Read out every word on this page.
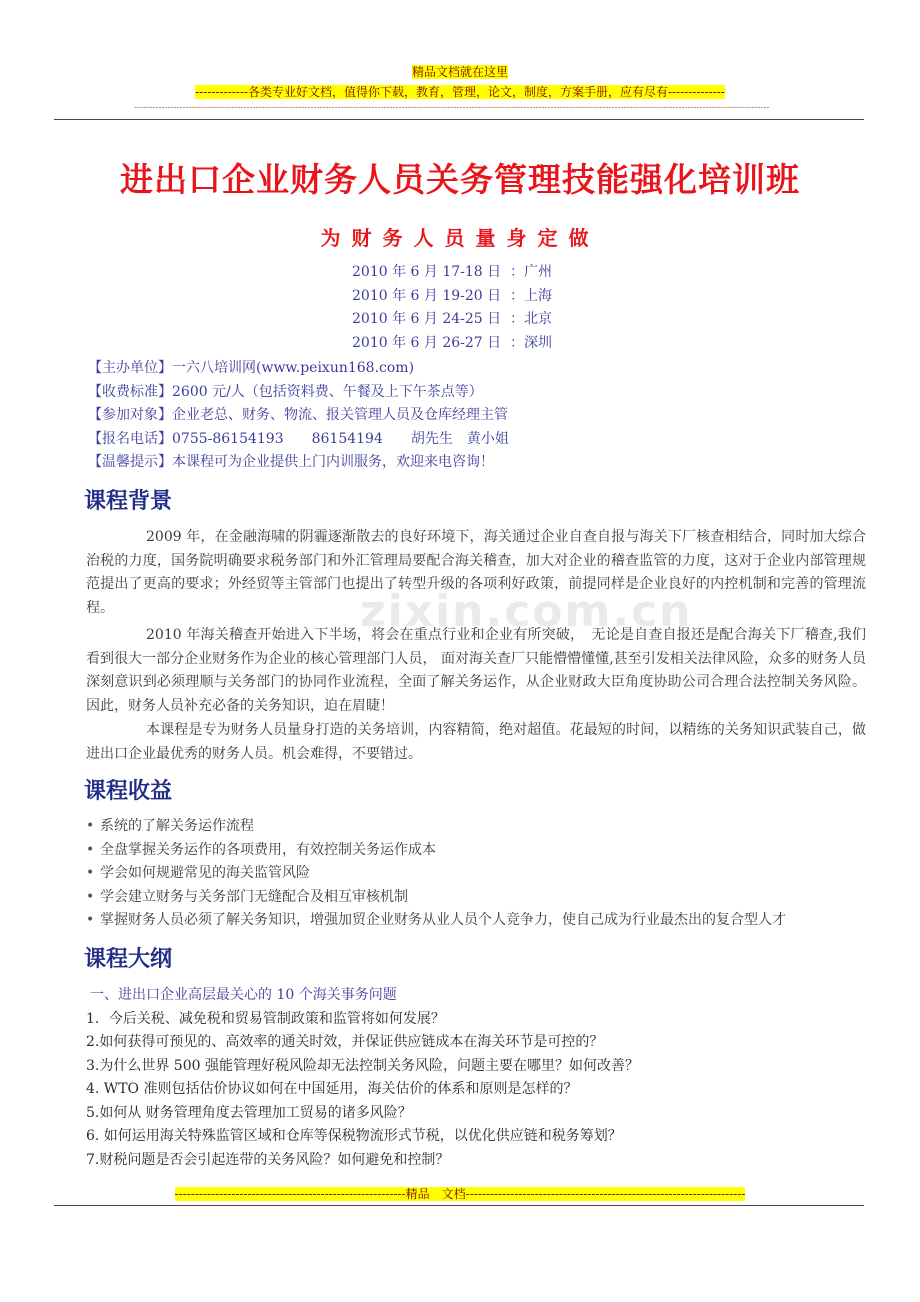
精品文档就在这里
-------------各类专业好文档，值得你下载，教育，管理，论文，制度，方案手册，应有尽有--------------
-----------------------------------------------------------------------------------------------------------------------------------------------------------------------------------------------------------------
zixin.com.cn
进出口企业财务人员关务管理技能强化培训班
为财务人员量身定做
2010 年 6 月 17-18 日 ：广州
2010 年 6 月 19-20 日 ：上海
2010 年 6 月 24-25 日 ：北京
2010 年 6 月 26-27 日 ：深圳
【主办单位】一六八培训网(www.peixun168.com)
【收费标准】2600 元/人（包括资料费、午餐及上下午茶点等）
【参加对象】企业老总、财务、物流、报关管理人员及仓库经理主管
【报名电话】0755-86154193　　86154194　　胡先生　黄小姐
【温馨提示】本课程可为企业提供上门内训服务，欢迎来电咨询！
课程背景
2009 年，在金融海啸的阴霾逐渐散去的良好环境下，海关通过企业自查自报与海关下厂核查相结合，同时加大综合治税的力度，国务院明确要求税务部门和外汇管理局要配合海关稽查，加大对企业的稽查监管的力度，这对于企业内部管理规范提出了更高的要求；外经贸等主管部门也提出了转型升级的各项利好政策，前提同样是企业良好的内控机制和完善的管理流程。
2010 年海关稽查开始进入下半场，将会在重点行业和企业有所突破，　无论是自查自报还是配合海关下厂稽查,我们看到很大一部分企业财务作为企业的核心管理部门人员， 面对海关查厂只能懵懵懂懂,甚至引发相关法律风险，众多的财务人员深刻意识到必须理顺与关务部门的协同作业流程，全面了解关务运作，从企业财政大臣角度协助公司合理合法控制关务风险。因此，财务人员补充必备的关务知识，迫在眉睫！
本课程是专为财务人员量身打造的关务培训，内容精简，绝对超值。花最短的时间，以精练的关务知识武装自己，做进出口企业最优秀的财务人员。机会难得，不要错过。
课程收益
• 系统的了解关务运作流程
• 全盘掌握关务运作的各项费用，有效控制关务运作成本
• 学会如何规避常见的海关监管风险
• 学会建立财务与关务部门无缝配合及相互审核机制
• 掌握财务人员必须了解关务知识，增强加贸企业财务从业人员个人竞争力，使自己成为行业最杰出的复合型人才
课程大纲
一、进出口企业高层最关心的 10 个海关事务问题
1．今后关税、减免税和贸易管制政策和监管将如何发展？
2.如何获得可预见的、高效率的通关时效，并保证供应链成本在海关环节是可控的？
3.为什么世界 500 强能管理好税风险却无法控制关务风险，问题主要在哪里？如何改善？
4. WTO 准则包括估价协议如何在中国延用，海关估价的体系和原则是怎样的？
5.如何从 财务管理角度去管理加工贸易的诸多风险？
6. 如何运用海关特殊监管区域和仓库等保税物流形式节税，以优化供应链和税务筹划？
7.财税问题是否会引起连带的关务风险？如何避免和控制？
---------------------------------------------------------精品　文档---------------------------------------------------------------------
